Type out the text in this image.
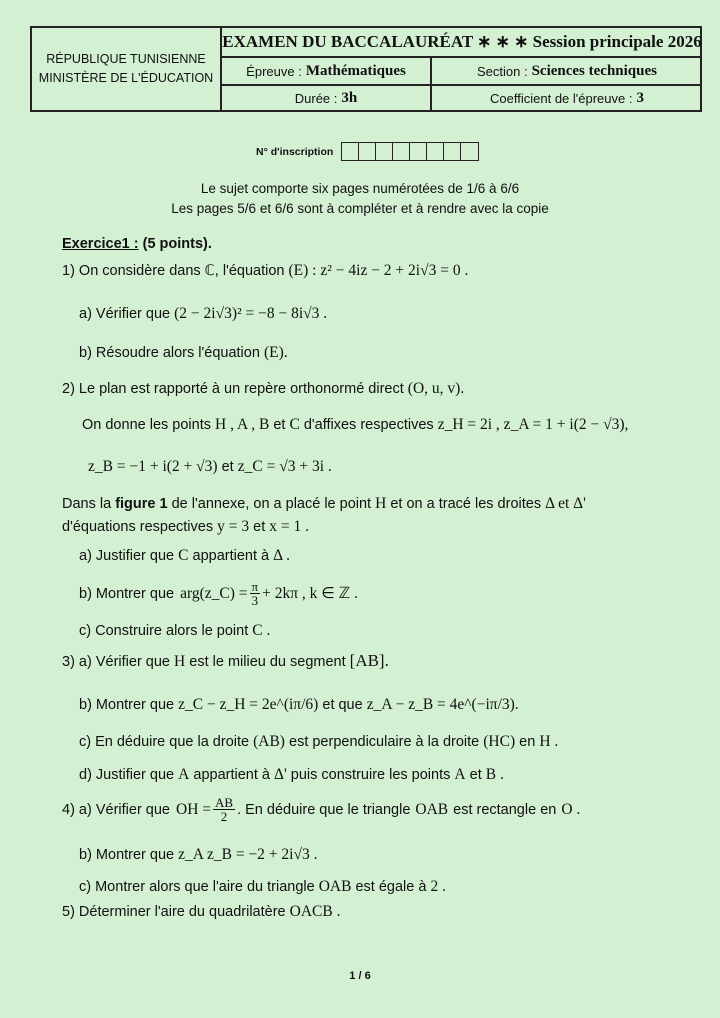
RÉPUBLIQUE TUNISIENNE
MINISTÈRE DE L'ÉDUCATION
EXAMEN DU BACCALAURÉAT ∗ ∗ ∗ Session principale 2026
Épreuve : Mathématiques	Section : Sciences techniques
Durée : 3h	Coefficient de l'épreuve : 3
N° d'inscription
Le sujet comporte six pages numérotées de 1/6 à 6/6
Les pages 5/6 et 6/6 sont à compléter et à rendre avec la copie
Exercice1 : (5 points).
1) On considère dans ℂ, l'équation (E) : z² − 4iz − 2 + 2i√3 = 0 .
a) Vérifier que (2 − 2i√3)² = −8 − 8i√3 .
b) Résoudre alors l'équation (E).
2) Le plan est rapporté à un repère orthonormé direct (O, u, v).
On donne les points H , A , B et C d'affixes respectives z_H = 2i , z_A = 1 + i(2 − √3),
z_B = −1 + i(2 + √3) et z_C = √3 + 3i .
Dans la figure 1 de l'annexe, on a placé le point H et on a tracé les droites Δ et Δ'
d'équations respectives y = 3 et x = 1 .
a) Justifier que C appartient à Δ .
b) Montrer que arg(z_C) = $\frac{\pi}{3} + 2k\pi$ , k ∈ ℤ .
c) Construire alors le point C .
3) a) Vérifier que H est le milieu du segment [AB].
b) Montrer que z_C − z_H = 2e^(iπ/6) et que z_A − z_B = 4e^(−iπ/3).
c) En déduire que la droite (AB) est perpendiculaire à la droite (HC) en H .
d) Justifier que A appartient à Δ' puis construire les points A et B .
4) a) Vérifier que OH = $\frac{AB}{2}$ . En déduire que le triangle OAB est rectangle en O .
b) Montrer que z_A z_B = −2 + 2i√3 .
c) Montrer alors que l'aire du triangle OAB est égale à 2 .
5) Déterminer l'aire du quadrilatère OACB .
1 / 6
